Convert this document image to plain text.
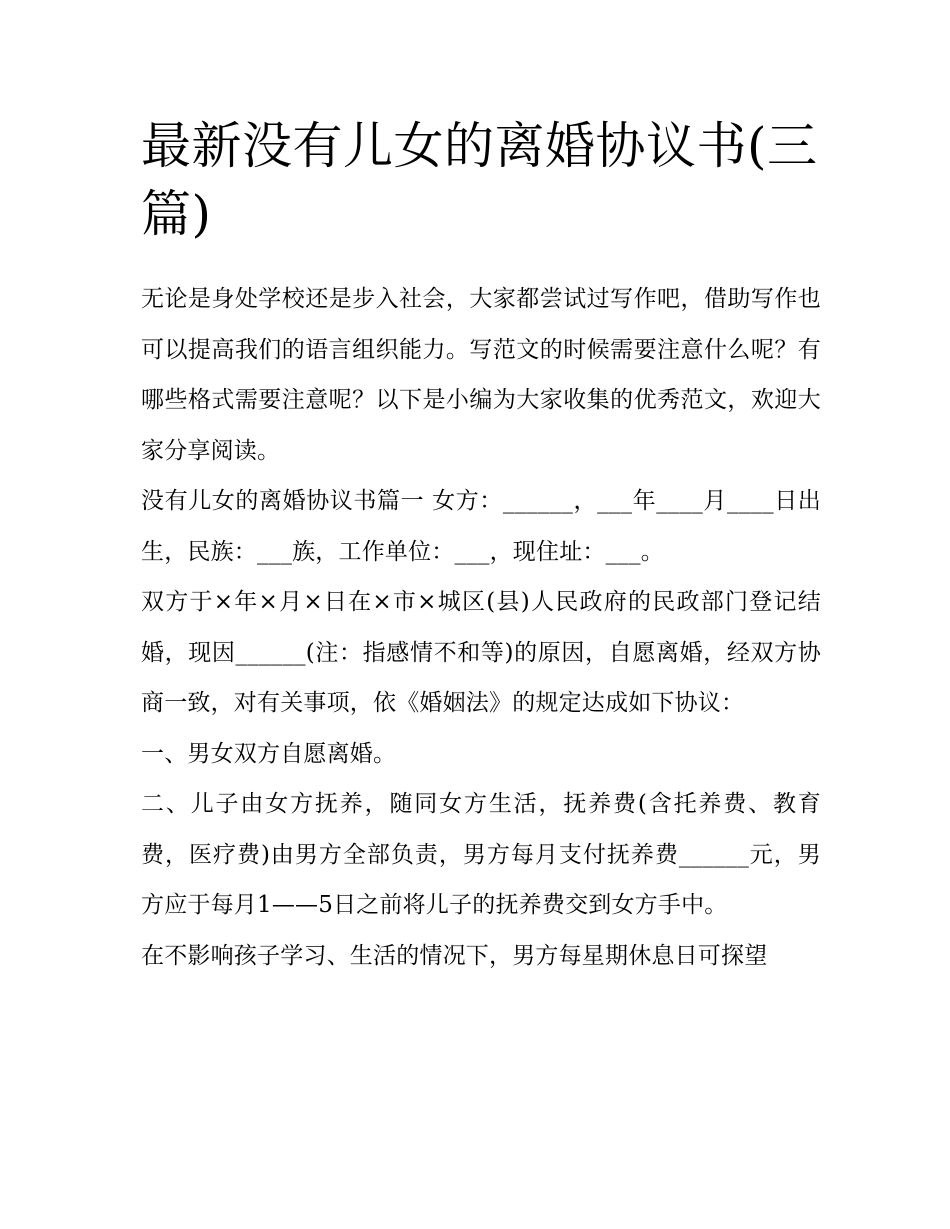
最新没有儿女的离婚协议书(三篇)

无论是身处学校还是步入社会，大家都尝试过写作吧，借助写作也可以提高我们的语言组织能力。写范文的时候需要注意什么呢？有哪些格式需要注意呢？以下是小编为大家收集的优秀范文，欢迎大家分享阅读。

没有儿女的离婚协议书篇一 女方：______，___年____月____日出生，民族：___族，工作单位：___，现住址：___。

双方于×年×月×日在×市×城区(县)人民政府的民政部门登记结婚，现因______(注：指感情不和等)的原因，自愿离婚，经双方协商一致，对有关事项，依《婚姻法》的规定达成如下协议：

一、男女双方自愿离婚。

二、儿子由女方抚养，随同女方生活，抚养费(含托养费、教育费，医疗费)由男方全部负责，男方每月支付抚养费______元，男方应于每月1——5日之前将儿子的抚养费交到女方手中。

在不影响孩子学习、生活的情况下，男方每星期休息日可探望
